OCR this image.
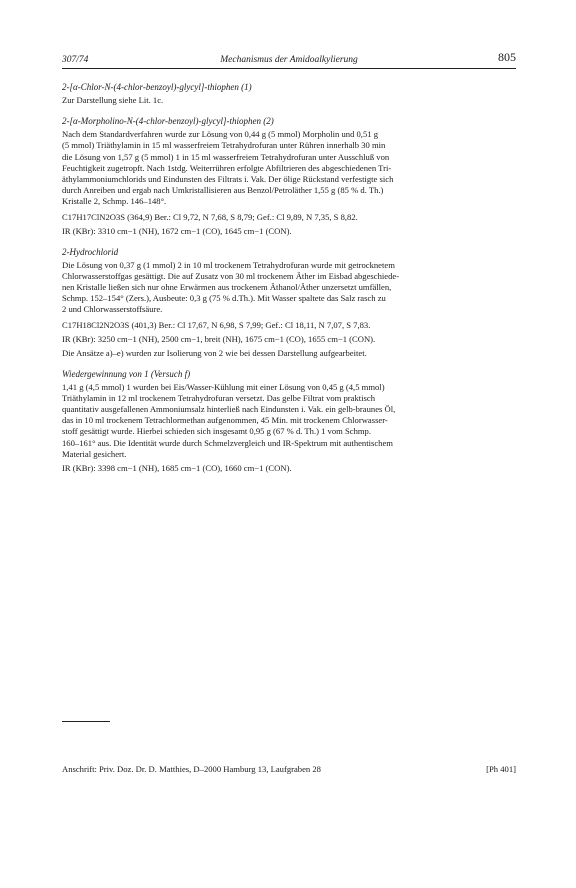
307/74	Mechanismus der Amidoalkylierung	805

2-[α-Chlor-N-(4-chlor-benzoyl)-glycyl]-thiophen (1)

Zur Darstellung siehe Lit. 1c.

2-[α-Morpholino-N-(4-chlor-benzoyl)-glycyl]-thiophen (2)

Nach dem Standardverfahren wurde zur Lösung von 0,44 g (5 mmol) Morpholin und 0,51 g
(5 mmol) Triäthylamin in 15 ml wasserfreiem Tetrahydrofuran unter Rühren innerhalb 30 min
die Lösung von 1,57 g (5 mmol) 1 in 15 ml wasserfreiem Tetrahydrofuran unter Ausschluß von
Feuchtigkeit zugetropft. Nach 1stdg. Weiterrühren erfolgte Abfiltrieren des abgeschiedenen Tri-
äthylammoniumchlorids und Eindunsten des Filtrats i. Vak. Der ölige Rückstand verfestigte sich
durch Anreiben und ergab nach Umkristallisieren aus Benzol/Petroläther 1,55 g (85 % d. Th.)
Kristalle 2, Schmp. 146–148°.

C17H17ClN2O3S (364,9) Ber.: Cl 9,72, N 7,68, S 8,79; Gef.: Cl 9,89, N 7,35, S 8,82.

IR (KBr): 3310 cm−1 (NH), 1672 cm−1 (CO), 1645 cm−1 (CON).

2-Hydrochlorid

Die Lösung von 0,37 g (1 mmol) 2 in 10 ml trockenem Tetrahydrofuran wurde mit getrocknetem
Chlorwasserstoffgas gesättigt. Die auf Zusatz von 30 ml trockenem Äther im Eisbad abgeschiede-
nen Kristalle ließen sich nur ohne Erwärmen aus trockenem Äthanol/Äther unzersetzt umfällen,
Schmp. 152–154° (Zers.), Ausbeute: 0,3 g (75 % d.Th.). Mit Wasser spaltete das Salz rasch zu
2 und Chlorwasserstoffsäure.

C17H18Cl2N2O3S (401,3) Ber.: Cl 17,67, N 6,98, S 7,99; Gef.: Cl 18,11, N 7,07, S 7,83.

IR (KBr): 3250 cm−1 (NH), 2500 cm−1, breit (NH), 1675 cm−1 (CO), 1655 cm−1 (CON).

Die Ansätze a)–e) wurden zur Isolierung von 2 wie bei dessen Darstellung aufgearbeitet.

Wiedergewinnung von 1 (Versuch f)

1,41 g (4,5 mmol) 1 wurden bei Eis/Wasser-Kühlung mit einer Lösung von 0,45 g (4,5 mmol)
Triäthylamin in 12 ml trockenem Tetrahydrofuran versetzt. Das gelbe Filtrat vom praktisch
quantitativ ausgefallenen Ammoniumsalz hinterließ nach Eindunsten i. Vak. ein gelb-braunes Öl,
das in 10 ml trockenem Tetrachlormethan aufgenommen, 45 Min. mit trockenem Chlorwasser-
stoff gesättigt wurde. Hierbei schieden sich insgesamt 0,95 g (67 % d. Th.) 1 vom Schmp.
160–161° aus. Die Identität wurde durch Schmelzvergleich und IR-Spektrum mit authentischem
Material gesichert.

IR (KBr): 3398 cm−1 (NH), 1685 cm−1 (CO), 1660 cm−1 (CON).

Anschrift: Priv. Doz. Dr. D. Matthies, D–2000 Hamburg 13, Laufgraben 28	[Ph 401]
